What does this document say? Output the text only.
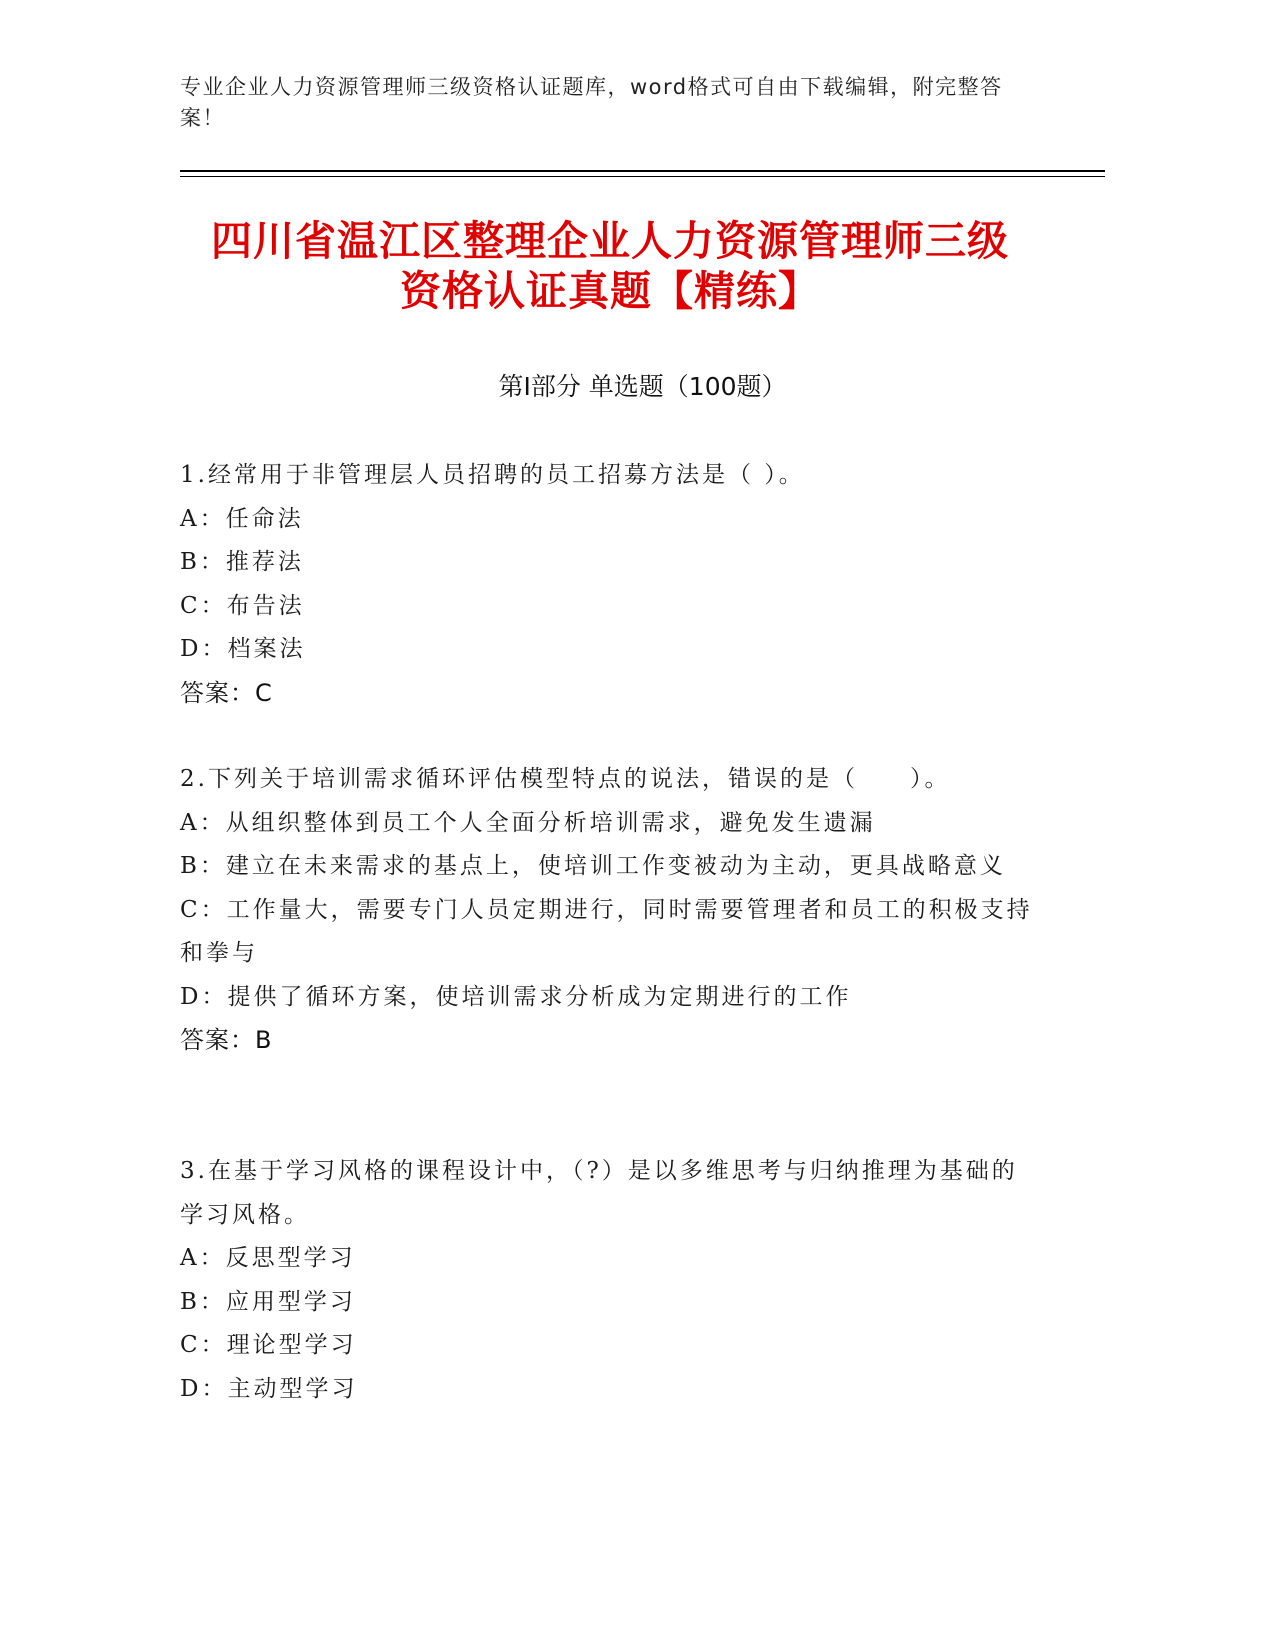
专业企业人力资源管理师三级资格认证题库，word格式可自由下载编辑，附完整答案！
四川省温江区整理企业人力资源管理师三级
资格认证真题【精练】
第Ⅰ部分 单选题（100题）
1.经常用于非管理层人员招聘的员工招募方法是（ ）。
A：任命法
B：推荐法
C：布告法
D：档案法
答案：C
2.下列关于培训需求循环评估模型特点的说法，错误的是（　　）。
A：从组织整体到员工个人全面分析培训需求，避免发生遗漏
B：建立在未来需求的基点上，使培训工作变被动为主动，更具战略意义
C：工作量大，需要专门人员定期进行，同时需要管理者和员工的积极支持和拳与
D：提供了循环方案，使培训需求分析成为定期进行的工作
答案：B
3.在基于学习风格的课程设计中，（?）是以多维思考与归纳推理为基础的学习风格。
A：反思型学习
B：应用型学习
C：理论型学习
D：主动型学习
